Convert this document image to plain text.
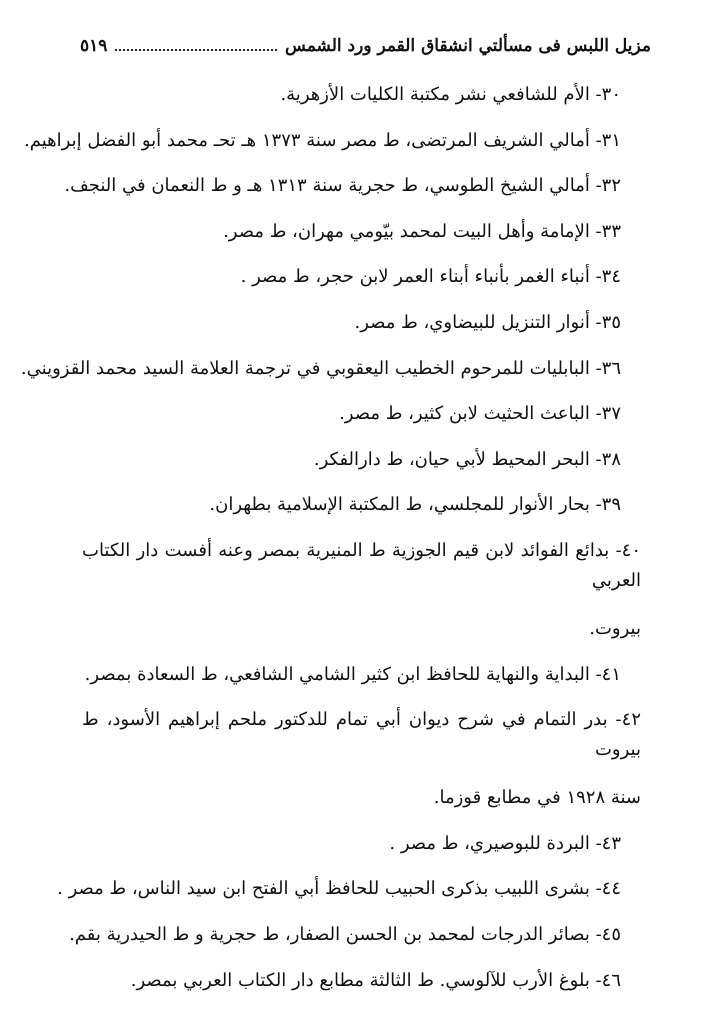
مزيل اللبس فى مسألتي انشقاق القمر ورد الشمس
٥١٩
٣٠- الأم للشافعي نشر مكتبة الكليات الأزهرية.
٣١- أمالي الشريف المرتضى، ط مصر سنة ١٣٧٣ هـ تحـ محمد أبو الفضل إبراهيم.
٣٢- أمالي الشيخ الطوسي، ط حجرية سنة ١٣١٣ هـ و ط النعمان في النجف.
٣٣- الإمامة وأهل البيت لمحمد بيّومي مهران، ط مصر.
٣٤- أنباء الغمر بأنباء أبناء العمر لابن حجر، ط مصر .
٣٥- أنوار التنزيل للبيضاوي، ط مصر.
٣٦- البابليات للمرحوم الخطيب اليعقوبي في ترجمة العلامة السيد محمد القزويني.
٣٧- الباعث الحثيث لابن كثير، ط مصر.
٣٨- البحر المحيط لأبي حيان، ط دارالفكر.
٣٩- بحار الأنوار للمجلسي، ط المكتبة الإسلامية بطهران.
٤٠- بدائع الفوائد لابن قيم الجوزية ط المنيرية بمصر وعنه أفست دار الكتاب العربي
بيروت.
٤١- البداية والنهاية للحافظ ابن كثير الشامي الشافعي، ط السعادة بمصر.
٤٢- بدر التمام في شرح ديوان أبي تمام للدكتور ملحم إبراهيم الأسود، ط بيروت
سنة ١٩٢٨ في مطابع قوزما.
٤٣- البردة للبوصيري، ط مصر .
٤٤- بشرى اللبيب بذكرى الحبيب للحافظ أبي الفتح ابن سيد الناس، ط مصر .
٤٥- بصائر الدرجات لمحمد بن الحسن الصفار، ط حجرية و ط الحيدرية بقم.
٤٦- بلوغ الأرب للآلوسي. ط الثالثة مطابع دار الكتاب العربي بمصر.
